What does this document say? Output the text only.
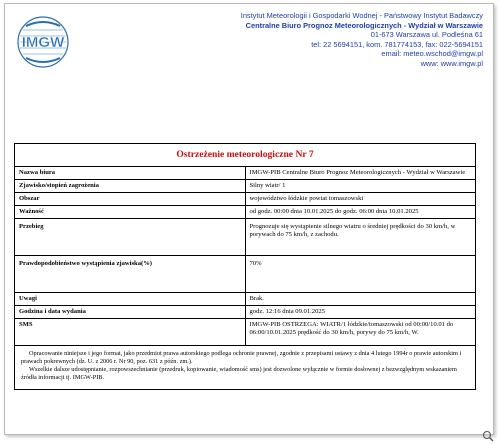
IMGW
Instytut Meteorologii i Gospodarki Wodnej - Państwowy Instytut Badawczy
Centralne Biuro Prognoz Meteorologicznych - Wydział w Warszawie
01-673 Warszawa ul. Podleśna 61
tel: 22 5694151, kom. 781774153, fax: 022-5694151
email: meteo.wschod@imgw.pl
www: www.imgw.pl
Ostrzeżenie meteorologiczne Nr 7	
Nazwa biura	IMGW-PIB Centralne Biuro Prognoz Meteorologicznych - Wydział w Warszawie
Zjawisko/stopień zagrożenia	Silny wiatr/ 1
Obszar	województwo łódzkie powiat tomaszowski
Ważność	od godz. 00:00 dnia 10.01.2025 do godz. 06:00 dnia 10.01.2025
Przebieg	Prognozuje się wystąpienie silnego wiatru o średniej prędkości do 30 km/h, w porywach do 75 km/h, z zachodu.
Prawdopodobieństwo wystąpienia zjawiska(%)	70%
Uwagi	Brak.
Godzina i data wydania	godz. 12:16 dnia 09.01.2025
SMS	IMGW-PIB OSTRZEGA: WIATR/1 łódzkie/tomaszowski od 00:00/10.01 do 06:00/10.01.2025 prędkość do 30 km/h, porywy do 75 km/h, W.

Opracowanie niniejsze i jego format, jako przedmiot prawa autorskiego podlega ochronie prawnej, zgodnie z przepisami ustawy z dnia 4 lutego 1994r o prawie autorskim i prawach pokrewnych (dz. U. z 2006 r. Nr 90, poz. 631 z późn. zm.).

Wszelkie dalsze udostępnianie, rozpowszechnianie (przedruk, kopiowanie, wiadomość sms) jest dozwolone wyłącznie w formie dosłownej z bezwzględnym wskazaniem źródła informacji tj. IMGW-PIB.	
